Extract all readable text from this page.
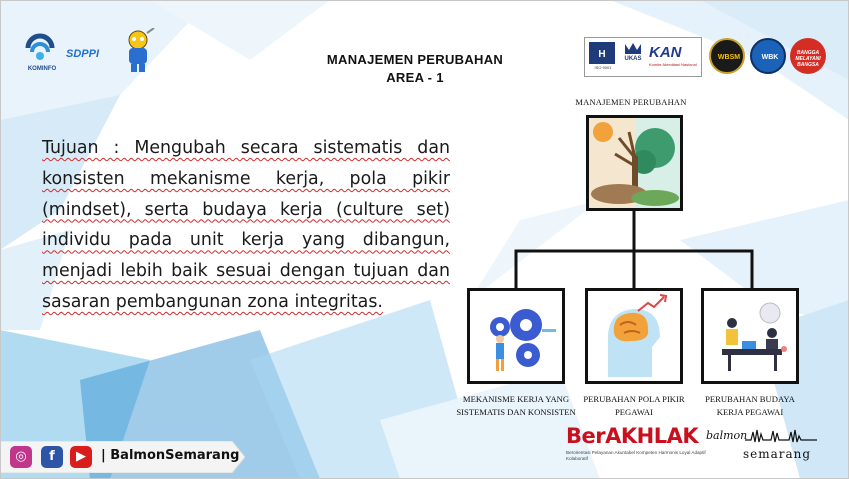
KOMINFO
SDPPI	MANAJEMEN PERUBAHAN
AREA - 1
H
ISO 9001
UKAS KAN
Komite Akreditasi Nasional
WBSM	WBK
BANGGA MELAYANI BANGSA
Tujuan : Mengubah secara sistematis dan konsisten mekanisme kerja, pola pikir (mindset), serta budaya kerja (culture set) individu pada unit kerja yang dibangun, menjadi lebih baik sesuai dengan tujuan dan sasaran pembangunan zona integritas.
MANAJEMEN PERUBAHAN
MEKANISME KERJA YANG SISTEMATIS DAN KONSISTEN
PERUBAHAN POLA PIKIR PEGAWAI
PERUBAHAN BUDAYA KERJA PEGAWAI
◎	f	▶	| BalmonSemarang
BerAKHLAK
Berorientasi Pelayanan Akuntabel Kompeten Harmonis Loyal Adaptif Kolaboratif
balmon
semarang
